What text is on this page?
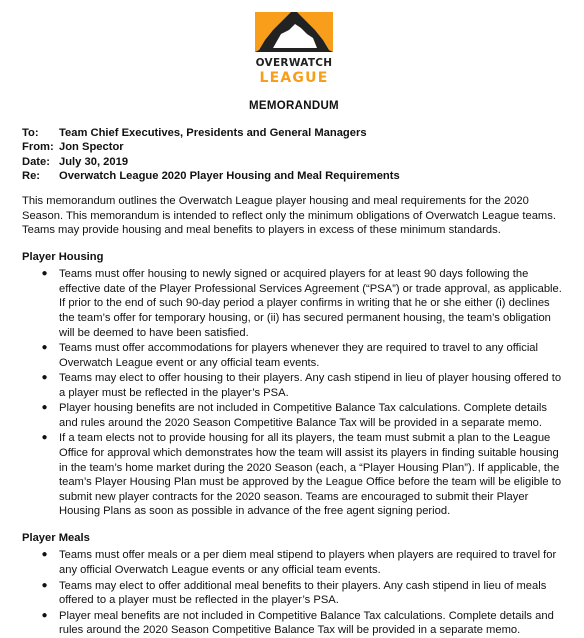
OVERWATCH
LEAGUE
MEMORANDUM
To:	Team Chief Executives, Presidents and General Managers
From: Jon Spector
Date: July 30, 2019
Re:	Overwatch League 2020 Player Housing and Meal Requirements
This memorandum outlines the Overwatch League player housing and meal requirements for the 2020 Season. This memorandum is intended to reflect only the minimum obligations of Overwatch League teams. Teams may provide housing and meal benefits to players in excess of these minimum standards.
Player Housing
●	Teams must offer housing to newly signed or acquired players for at least 90 days following the effective date of the Player Professional Services Agreement (“PSA”) or trade approval, as applicable. If prior to the end of such 90-day period a player confirms in writing that he or she either (i) declines the team’s offer for temporary housing, or (ii) has secured permanent housing, the team’s obligation will be deemed to have been satisfied.
●	Teams must offer accommodations for players whenever they are required to travel to any official Overwatch League event or any official team events.
●	Teams may elect to offer housing to their players. Any cash stipend in lieu of player housing offered to a player must be reflected in the player’s PSA.
●	Player housing benefits are not included in Competitive Balance Tax calculations. Complete details and rules around the 2020 Season Competitive Balance Tax will be provided in a separate memo.
●	If a team elects not to provide housing for all its players, the team must submit a plan to the League Office for approval which demonstrates how the team will assist its players in finding suitable housing in the team’s home market during the 2020 Season (each, a “Player Housing Plan”). If applicable, the team’s Player Housing Plan must be approved by the League Office before the team will be eligible to submit new player contracts for the 2020 season. Teams are encouraged to submit their Player Housing Plans as soon as possible in advance of the free agent signing period.
Player Meals
●	Teams must offer meals or a per diem meal stipend to players when players are required to travel for any official Overwatch League events or any official team events.
●	Teams may elect to offer additional meal benefits to their players. Any cash stipend in lieu of meals offered to a player must be reflected in the player’s PSA.
●	Player meal benefits are not included in Competitive Balance Tax calculations. Complete details and rules around the 2020 Season Competitive Balance Tax will be provided in a separate memo.
